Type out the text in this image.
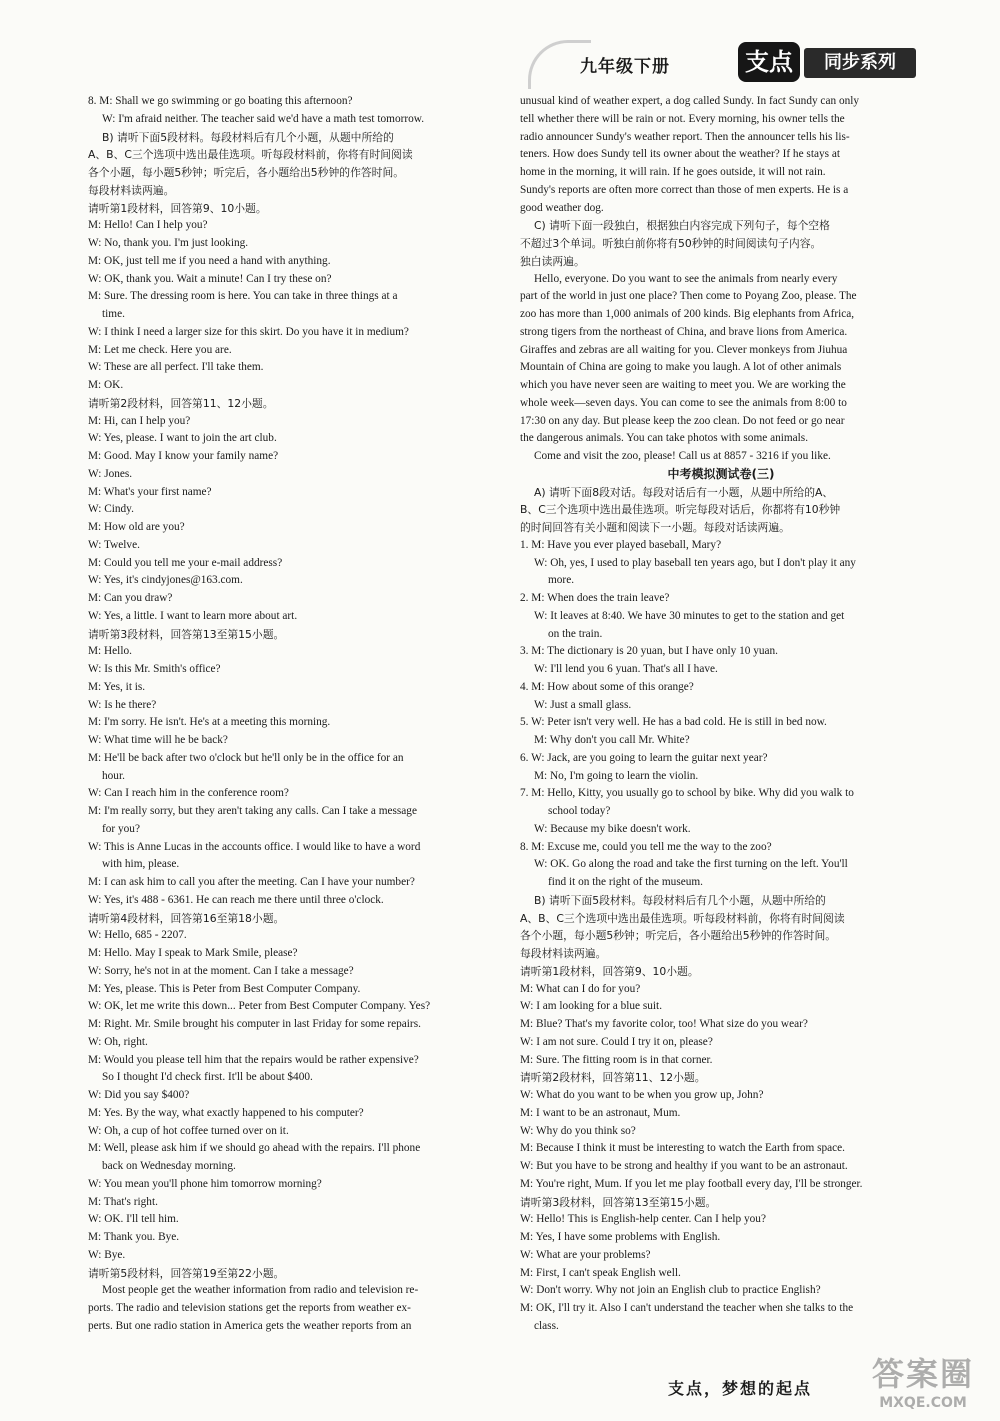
九年级下册	支点	同步系列
8. M: Shall we go swimming or go boating this afternoon?
W: I'm afraid neither. The teacher said we'd have a math test tomorrow.
B) 请听下面5段材料。每段材料后有几个小题，从题中所给的
A、B、C三个选项中选出最佳选项。听每段材料前，你将有时间阅读
各个小题，每小题5秒钟；听完后，各小题给出5秒钟的作答时间。
每段材料读两遍。
请听第1段材料，回答第9、10小题。
M: Hello! Can I help you?
W: No, thank you. I'm just looking.
M: OK, just tell me if you need a hand with anything.
W: OK, thank you. Wait a minute! Can I try these on?
M: Sure. The dressing room is here. You can take in three things at a
time.
W: I think I need a larger size for this skirt. Do you have it in medium?
M: Let me check. Here you are.
W: These are all perfect. I'll take them.
M: OK.
请听第2段材料，回答第11、12小题。
M: Hi, can I help you?
W: Yes, please. I want to join the art club.
M: Good. May I know your family name?
W: Jones.
M: What's your first name?
W: Cindy.
M: How old are you?
W: Twelve.
M: Could you tell me your e-mail address?
W: Yes, it's cindyjones@163.com.
M: Can you draw?
W: Yes, a little. I want to learn more about art.
请听第3段材料，回答第13至第15小题。
M: Hello.
W: Is this Mr. Smith's office?
M: Yes, it is.
W: Is he there?
M: I'm sorry. He isn't. He's at a meeting this morning.
W: What time will he be back?
M: He'll be back after two o'clock but he'll only be in the office for an
hour.
W: Can I reach him in the conference room?
M: I'm really sorry, but they aren't taking any calls. Can I take a message
for you?
W: This is Anne Lucas in the accounts office. I would like to have a word
with him, please.
M: I can ask him to call you after the meeting. Can I have your number?
W: Yes, it's 488 - 6361. He can reach me there until three o'clock.
请听第4段材料，回答第16至第18小题。
W: Hello, 685 - 2207.
M: Hello. May I speak to Mark Smile, please?
W: Sorry, he's not in at the moment. Can I take a message?
M: Yes, please. This is Peter from Best Computer Company.
W: OK, let me write this down... Peter from Best Computer Company. Yes?
M: Right. Mr. Smile brought his computer in last Friday for some repairs.
W: Oh, right.
M: Would you please tell him that the repairs would be rather expensive?
So I thought I'd check first. It'll be about $400.
W: Did you say $400?
M: Yes. By the way, what exactly happened to his computer?
W: Oh, a cup of hot coffee turned over on it.
M: Well, please ask him if we should go ahead with the repairs. I'll phone
back on Wednesday morning.
W: You mean you'll phone him tomorrow morning?
M: That's right.
W: OK. I'll tell him.
M: Thank you. Bye.
W: Bye.
请听第5段材料，回答第19至第22小题。
Most people get the weather information from radio and television re-
ports. The radio and television stations get the reports from weather ex-
perts. But one radio station in America gets the weather reports from an
unusual kind of weather expert, a dog called Sundy. In fact Sundy can only
tell whether there will be rain or not. Every morning, his owner tells the
radio announcer Sundy's weather report. Then the announcer tells his lis-
teners. How does Sundy tell its owner about the weather? If he stays at
home in the morning, it will rain. If he goes outside, it will not rain.
Sundy's reports are often more correct than those of men experts. He is a
good weather dog.
C) 请听下面一段独白，根据独白内容完成下列句子，每个空格
不超过3个单词。听独白前你将有50秒钟的时间阅读句子内容。
独白读两遍。
Hello, everyone. Do you want to see the animals from nearly every
part of the world in just one place? Then come to Poyang Zoo, please. The
zoo has more than 1,000 animals of 200 kinds. Big elephants from Africa,
strong tigers from the northeast of China, and brave lions from America.
Giraffes and zebras are all waiting for you. Clever monkeys from Jiuhua
Mountain of China are going to make you laugh. A lot of other animals
which you have never seen are waiting to meet you. We are working the
whole week—seven days. You can come to see the animals from 8:00 to
17:30 on any day. But please keep the zoo clean. Do not feed or go near
the dangerous animals. You can take photos with some animals.
Come and visit the zoo, please! Call us at 8857 - 3216 if you like.
中考模拟测试卷(三)
A) 请听下面8段对话。每段对话后有一小题，从题中所给的A、
B、C三个选项中选出最佳选项。听完每段对话后，你都将有10秒钟
的时间回答有关小题和阅读下一小题。每段对话读两遍。
1. M: Have you ever played baseball, Mary?
W: Oh, yes, I used to play baseball ten years ago, but I don't play it any
more.
2. M: When does the train leave?
W: It leaves at 8:40. We have 30 minutes to get to the station and get
on the train.
3. M: The dictionary is 20 yuan, but I have only 10 yuan.
W: I'll lend you 6 yuan. That's all I have.
4. M: How about some of this orange?
W: Just a small glass.
5. W: Peter isn't very well. He has a bad cold. He is still in bed now.
M: Why don't you call Mr. White?
6. W: Jack, are you going to learn the guitar next year?
M: No, I'm going to learn the violin.
7. M: Hello, Kitty, you usually go to school by bike. Why did you walk to
school today?
W: Because my bike doesn't work.
8. M: Excuse me, could you tell me the way to the zoo?
W: OK. Go along the road and take the first turning on the left. You'll
find it on the right of the museum.
B) 请听下面5段材料。每段材料后有几个小题，从题中所给的
A、B、C三个选项中选出最佳选项。听每段材料前，你将有时间阅读
各个小题，每小题5秒钟；听完后，各小题给出5秒钟的作答时间。
每段材料读两遍。
请听第1段材料，回答第9、10小题。
M: What can I do for you?
W: I am looking for a blue suit.
M: Blue? That's my favorite color, too! What size do you wear?
W: I am not sure. Could I try it on, please?
M: Sure. The fitting room is in that corner.
请听第2段材料，回答第11、12小题。
W: What do you want to be when you grow up, John?
M: I want to be an astronaut, Mum.
W: Why do you think so?
M: Because I think it must be interesting to watch the Earth from space.
W: But you have to be strong and healthy if you want to be an astronaut.
M: You're right, Mum. If you let me play football every day, I'll be stronger.
请听第3段材料，回答第13至第15小题。
W: Hello! This is English-help center. Can I help you?
M: Yes, I have some problems with English.
W: What are your problems?
M: First, I can't speak English well.
W: Don't worry. Why not join an English club to practice English?
M: OK, I'll try it. Also I can't understand the teacher when she talks to the
class.
支点，梦想的起点	答案圈
MXQE.COM
